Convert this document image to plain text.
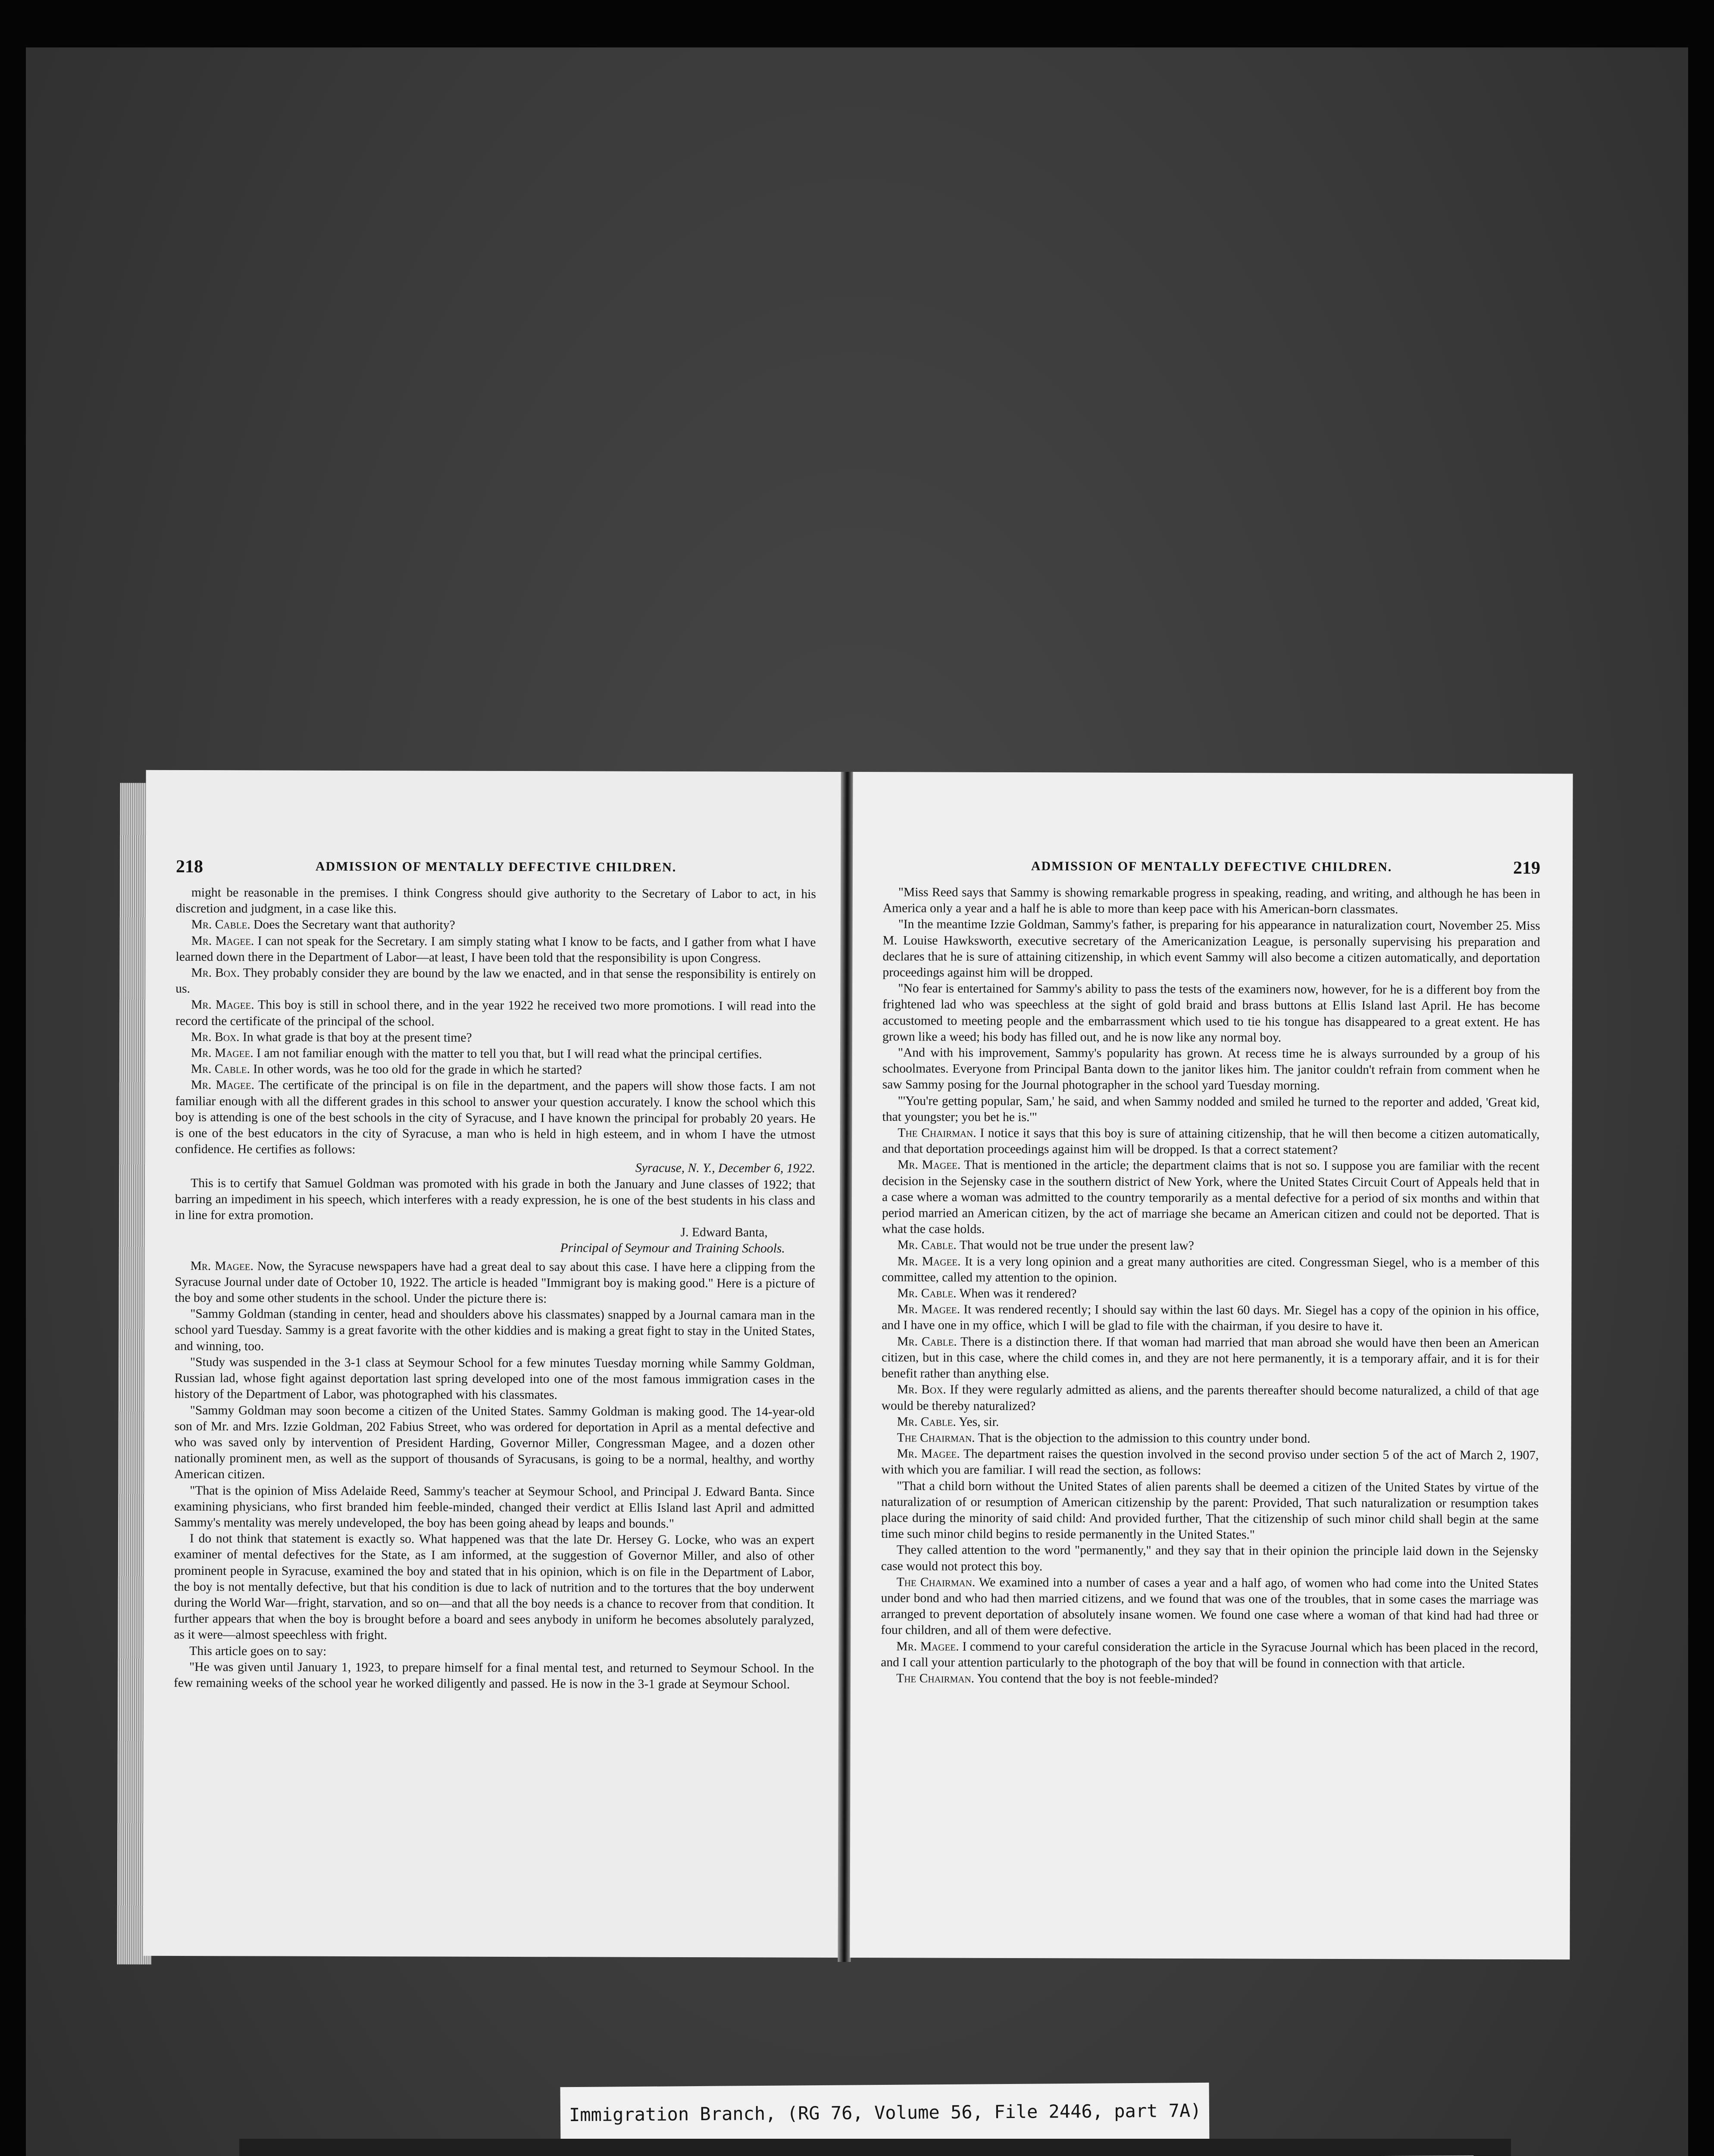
218	ADMISSION OF MENTALLY DEFECTIVE CHILDREN.

might be reasonable in the premises. I think Congress should give authority to the Secretary of Labor to act, in his discretion and judgment, in a case like this.

Mr. Cable. Does the Secretary want that authority?

Mr. Magee. I can not speak for the Secretary. I am simply stating what I know to be facts, and I gather from what I have learned down there in the Department of Labor—at least, I have been told that the responsibility is upon Congress.

Mr. Box. They probably consider they are bound by the law we enacted, and in that sense the responsibility is entirely on us.

Mr. Magee. This boy is still in school there, and in the year 1922 he received two more promotions. I will read into the record the certificate of the principal of the school.

Mr. Box. In what grade is that boy at the present time?

Mr. Magee. I am not familiar enough with the matter to tell you that, but I will read what the principal certifies.

Mr. Cable. In other words, was he too old for the grade in which he started?

Mr. Magee. The certificate of the principal is on file in the department, and the papers will show those facts. I am not familiar enough with all the different grades in this school to answer your question accurately. I know the school which this boy is attending is one of the best schools in the city of Syracuse, and I have known the principal for probably 20 years. He is one of the best educators in the city of Syracuse, a man who is held in high esteem, and in whom I have the utmost confidence. He certifies as follows:

Syracuse, N. Y., December 6, 1922.

This is to certify that Samuel Goldman was promoted with his grade in both the January and June classes of 1922; that barring an impediment in his speech, which interferes with a ready expression, he is one of the best students in his class and in line for extra promotion.

J. Edward Banta,

Principal of Seymour and Training Schools.

Mr. Magee. Now, the Syracuse newspapers have had a great deal to say about this case. I have here a clipping from the Syracuse Journal under date of October 10, 1922. The article is headed "Immigrant boy is making good." Here is a picture of the boy and some other students in the school. Under the picture there is:

"Sammy Goldman (standing in center, head and shoulders above his classmates) snapped by a Journal camara man in the school yard Tuesday. Sammy is a great favorite with the other kiddies and is making a great fight to stay in the United States, and winning, too.

"Study was suspended in the 3-1 class at Seymour School for a few minutes Tuesday morning while Sammy Goldman, Russian lad, whose fight against deportation last spring developed into one of the most famous immigration cases in the history of the Department of Labor, was photographed with his classmates.

"Sammy Goldman may soon become a citizen of the United States. Sammy Goldman is making good. The 14-year-old son of Mr. and Mrs. Izzie Goldman, 202 Fabius Street, who was ordered for deportation in April as a mental defective and who was saved only by intervention of President Harding, Governor Miller, Congressman Magee, and a dozen other nationally prominent men, as well as the support of thousands of Syracusans, is going to be a normal, healthy, and worthy American citizen.

"That is the opinion of Miss Adelaide Reed, Sammy's teacher at Seymour School, and Principal J. Edward Banta. Since examining physicians, who first branded him feeble-minded, changed their verdict at Ellis Island last April and admitted Sammy's mentality was merely undeveloped, the boy has been going ahead by leaps and bounds."

I do not think that statement is exactly so. What happened was that the late Dr. Hersey G. Locke, who was an expert examiner of mental defectives for the State, as I am informed, at the suggestion of Governor Miller, and also of other prominent people in Syracuse, examined the boy and stated that in his opinion, which is on file in the Department of Labor, the boy is not mentally defective, but that his condition is due to lack of nutrition and to the tortures that the boy underwent during the World War—fright, starvation, and so on—and that all the boy needs is a chance to recover from that condition. It further appears that when the boy is brought before a board and sees anybody in uniform he becomes absolutely paralyzed, as it were—almost speechless with fright.

This article goes on to say:

"He was given until January 1, 1923, to prepare himself for a final mental test, and returned to Seymour School. In the few remaining weeks of the school year he worked diligently and passed. He is now in the 3-1 grade at Seymour School.

ADMISSION OF MENTALLY DEFECTIVE CHILDREN.	219

"Miss Reed says that Sammy is showing remarkable progress in speaking, reading, and writing, and although he has been in America only a year and a half he is able to more than keep pace with his American-born classmates.

"In the meantime Izzie Goldman, Sammy's father, is preparing for his appearance in naturalization court, November 25. Miss M. Louise Hawksworth, executive secretary of the Americanization League, is personally supervising his preparation and declares that he is sure of attaining citizenship, in which event Sammy will also become a citizen automatically, and deportation proceedings against him will be dropped.

"No fear is entertained for Sammy's ability to pass the tests of the examiners now, however, for he is a different boy from the frightened lad who was speechless at the sight of gold braid and brass buttons at Ellis Island last April. He has become accustomed to meeting people and the embarrassment which used to tie his tongue has disappeared to a great extent. He has grown like a weed; his body has filled out, and he is now like any normal boy.

"And with his improvement, Sammy's popularity has grown. At recess time he is always surrounded by a group of his schoolmates. Everyone from Principal Banta down to the janitor likes him. The janitor couldn't refrain from comment when he saw Sammy posing for the Journal photographer in the school yard Tuesday morning.

"'You're getting popular, Sam,' he said, and when Sammy nodded and smiled he turned to the reporter and added, 'Great kid, that youngster; you bet he is.'"

The Chairman. I notice it says that this boy is sure of attaining citizenship, that he will then become a citizen automatically, and that deportation proceedings against him will be dropped. Is that a correct statement?

Mr. Magee. That is mentioned in the article; the department claims that is not so. I suppose you are familiar with the recent decision in the Sejensky case in the southern district of New York, where the United States Circuit Court of Appeals held that in a case where a woman was admitted to the country temporarily as a mental defective for a period of six months and within that period married an American citizen, by the act of marriage she became an American citizen and could not be deported. That is what the case holds.

Mr. Cable. That would not be true under the present law?

Mr. Magee. It is a very long opinion and a great many authorities are cited. Congressman Siegel, who is a member of this committee, called my attention to the opinion.

Mr. Cable. When was it rendered?

Mr. Magee. It was rendered recently; I should say within the last 60 days. Mr. Siegel has a copy of the opinion in his office, and I have one in my office, which I will be glad to file with the chairman, if you desire to have it.

Mr. Cable. There is a distinction there. If that woman had married that man abroad she would have then been an American citizen, but in this case, where the child comes in, and they are not here permanently, it is a temporary affair, and it is for their benefit rather than anything else.

Mr. Box. If they were regularly admitted as aliens, and the parents thereafter should become naturalized, a child of that age would be thereby naturalized?

Mr. Cable. Yes, sir.

The Chairman. That is the objection to the admission to this country under bond.

Mr. Magee. The department raises the question involved in the second proviso under section 5 of the act of March 2, 1907, with which you are familiar. I will read the section, as follows:

"That a child born without the United States of alien parents shall be deemed a citizen of the United States by virtue of the naturalization of or resumption of American citizenship by the parent: Provided, That such naturalization or resumption takes place during the minority of said child: And provided further, That the citizenship of such minor child shall begin at the same time such minor child begins to reside permanently in the United States."

They called attention to the word "permanently," and they say that in their opinion the principle laid down in the Sejensky case would not protect this boy.

The Chairman. We examined into a number of cases a year and a half ago, of women who had come into the United States under bond and who had then married citizens, and we found that was one of the troubles, that in some cases the marriage was arranged to prevent deportation of absolutely insane women. We found one case where a woman of that kind had had three or four children, and all of them were defective.

Mr. Magee. I commend to your careful consideration the article in the Syracuse Journal which has been placed in the record, and I call your attention particularly to the photograph of the boy that will be found in connection with that article.

The Chairman. You contend that the boy is not feeble-minded?

Immigration Branch, (RG 76, Volume 56, File 2446, part 7A)
